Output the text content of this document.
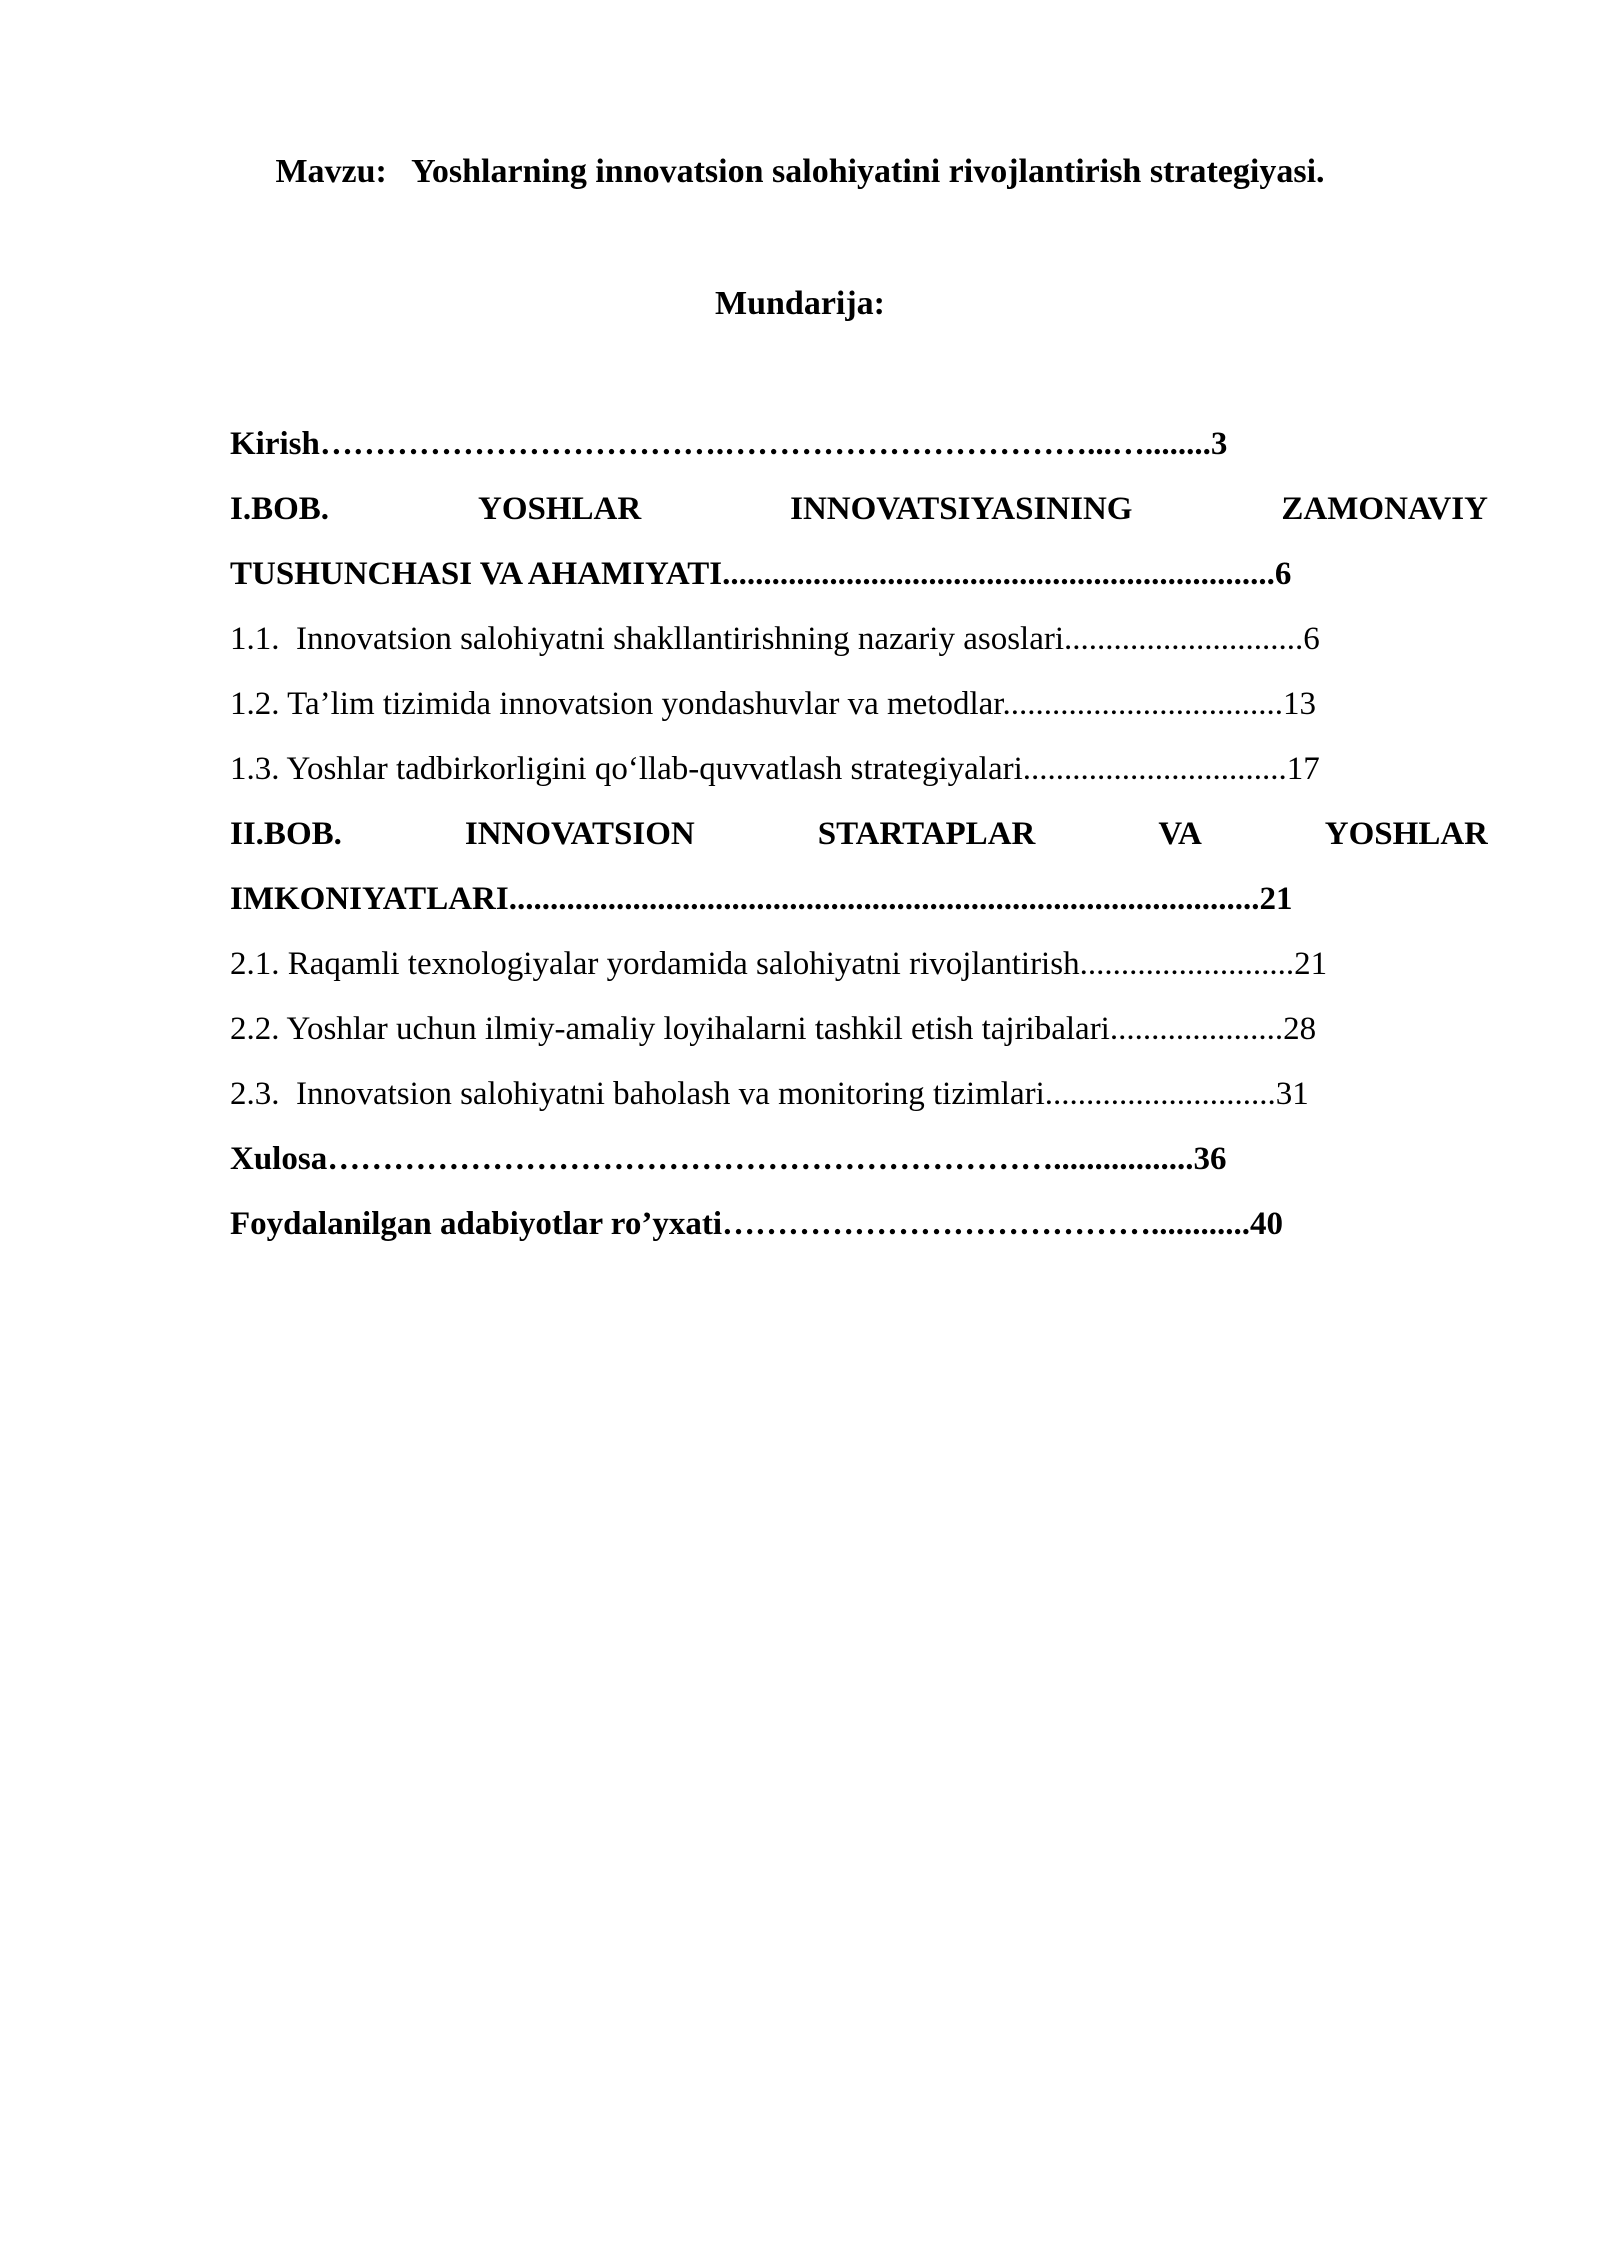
Mavzu:   Yoshlarning innovatsion salohiyatini rivojlantirish strategiyasi.
Mundarija:
Kirish……………………………….……………………………...…........3
I.BOB.	YOSHLAR	INNOVATSIYASINING	ZAMONAVIY
TUSHUNCHASI VA AHAMIYATI...................................................................6
1.1.  Innovatsion salohiyatni shakllantirishning nazariy asoslari.............................6
1.2. Ta’lim tizimida innovatsion yondashuvlar va metodlar..................................13
1.3. Yoshlar tadbirkorligini qo‘llab-quvvatlash strategiyalari................................17
II.BOB.	INNOVATSION	STARTAPLAR	VA	YOSHLAR
IMKONIYATLARI...........................................................................................21
2.1. Raqamli texnologiyalar yordamida salohiyatni rivojlantirish..........................21
2.2. Yoshlar uchun ilmiy-amaliy loyihalarni tashkil etish tajribalari.....................28
2.3.  Innovatsion salohiyatni baholash va monitoring tizimlari............................31
Xulosa………………………………………………………….................36
Foydalanilgan adabiyotlar ro’yxati…………………………………............40
